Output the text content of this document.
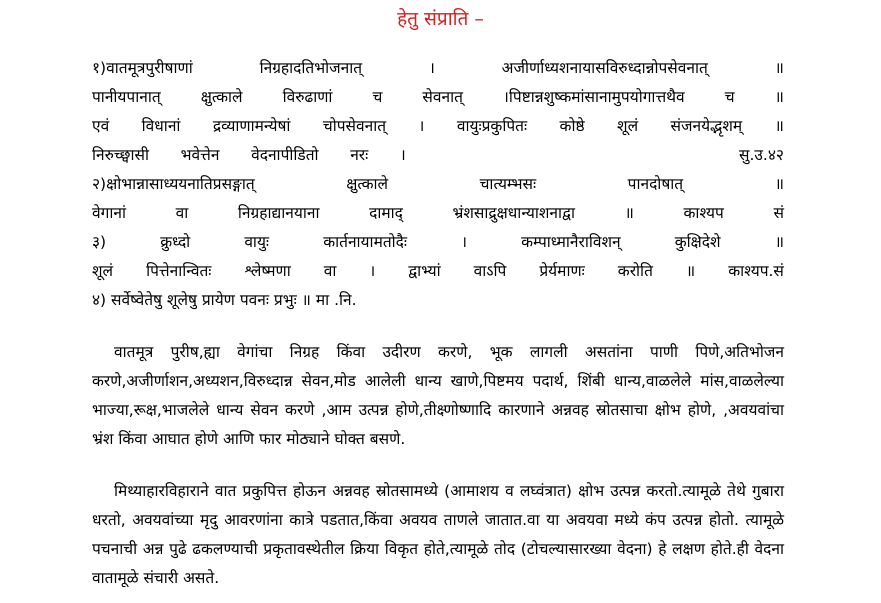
हेतु संप्राति –
१)वातमूत्रपुरीषाणां	निग्रहादतिभोजनात्	।	अजीर्णाध्यशनायासविरुध्दान्नोपसेवनात्	॥
पानीयपानात्	क्षुत्काले	विरुढाणां	च	सेवनात्	।पिष्टान्नशुष्कमांसानामुपयोगात्तथैव	च	॥
एवं विधानां द्रव्याणामन्येषां चोपसेवनात् । वायुःप्रकुपितः कोष्ठे शूलं संजनयेद्भृशम् ॥
निरुच्छ्वासी भवेत्तेन वेदनापीडितो नरः ।	सु.उ.४२
२)क्षोभान्नासाध्ययनातिप्रसङ्गात्	क्षुत्काले	चात्यम्भसः	पानदोषात्	॥
वेगानां	वा	निग्रहाद्यानयाना	दामाद्	भ्रंशसाद्रुक्षधान्याशनाद्वा	॥	काश्यप	सं
३)	क्रुध्दो	वायुः	कार्तनायामतोदैः	।	कम्पाध्मानैराविशन्	कुक्षिदेशे	॥
शूलं पित्तेनान्वितः श्लेष्मणा वा । द्वाभ्यां वाऽपि प्रेर्यमाणः करोति ॥ काश्यप.सं
४) सर्वेष्वेतेषु शूलेषु प्रायेण पवनः प्रभुः ॥ मा .नि.
वातमूत्र पुरीष,ह्या वेगांचा निग्रह किंवा उदीरण करणे, भूक लागली असतांना पाणी पिणे,अतिभोजन करणे,अजीर्णाशन,अध्यशन,विरुध्दान्न सेवन,मोड आलेली धान्य खाणे,पिष्टमय पदार्थ, शिंबी धान्य,वाळलेले मांस,वाळलेल्या भाज्या,रूक्ष,भाजलेले धान्य सेवन करणे ,आम उत्पन्न होणे,तीक्ष्णोष्णादि कारणाने अन्नवह स्रोतसाचा क्षोभ होणे, ,अवयवांचा भ्रंश किंवा आघात होणे आणि फार मोठ्याने घोक्त बसणे.
मिथ्याहारविहाराने वात प्रकुपित्त होऊन अन्नवह स्रोतसामध्ये (आमाशय व लघ्वंत्रात) क्षोभ उत्पन्न करतो.त्यामूळे तेथे गुबारा धरतो, अवयवांच्या मृदु आवरणांना कात्रे पडतात,किंवा अवयव ताणले जातात.वा या अवयवा मध्ये कंप उत्पन्न होतो. त्यामूळे पचनाची अन्न पुढे ढकलण्याची प्रकृतावस्थेतील क्रिया विकृत होते,त्यामूळे तोद (टोचल्यासारख्या वेदना) हे लक्षण होते.ही वेदना वातामूळे संचारी असते.
